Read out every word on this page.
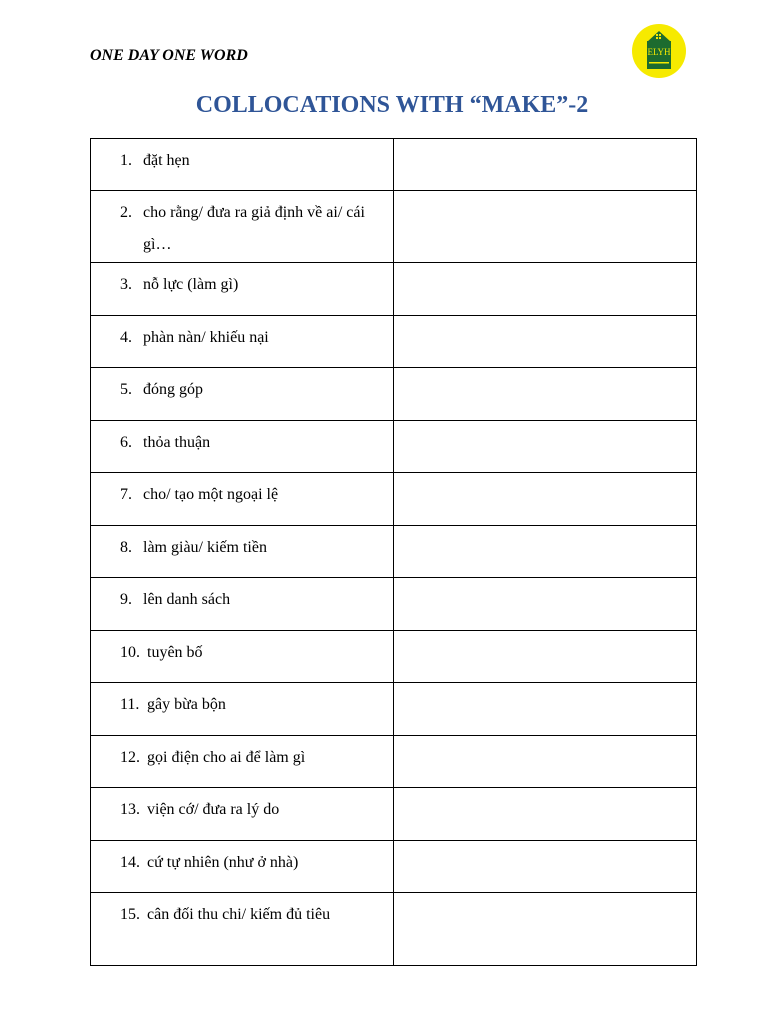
ONE DAY ONE WORD	ELYH
COLLOCATIONS WITH “MAKE”-2
1. đặt hẹn	

2. cho rằng/ đưa ra giả định về ai/ cái gì…	

3. nỗ lực (làm gì)	

4. phàn nàn/ khiếu nại	

5. đóng góp	

6. thỏa thuận	

7. cho/ tạo một ngoại lệ	

8. làm giàu/ kiếm tiền	

9. lên danh sách	

10. tuyên bố	

11. gây bừa bộn	

12. gọi điện cho ai để làm gì	

13. viện cớ/ đưa ra lý do	

14. cứ tự nhiên (như ở nhà)	

15. cân đối thu chi/ kiếm đủ tiêu	
